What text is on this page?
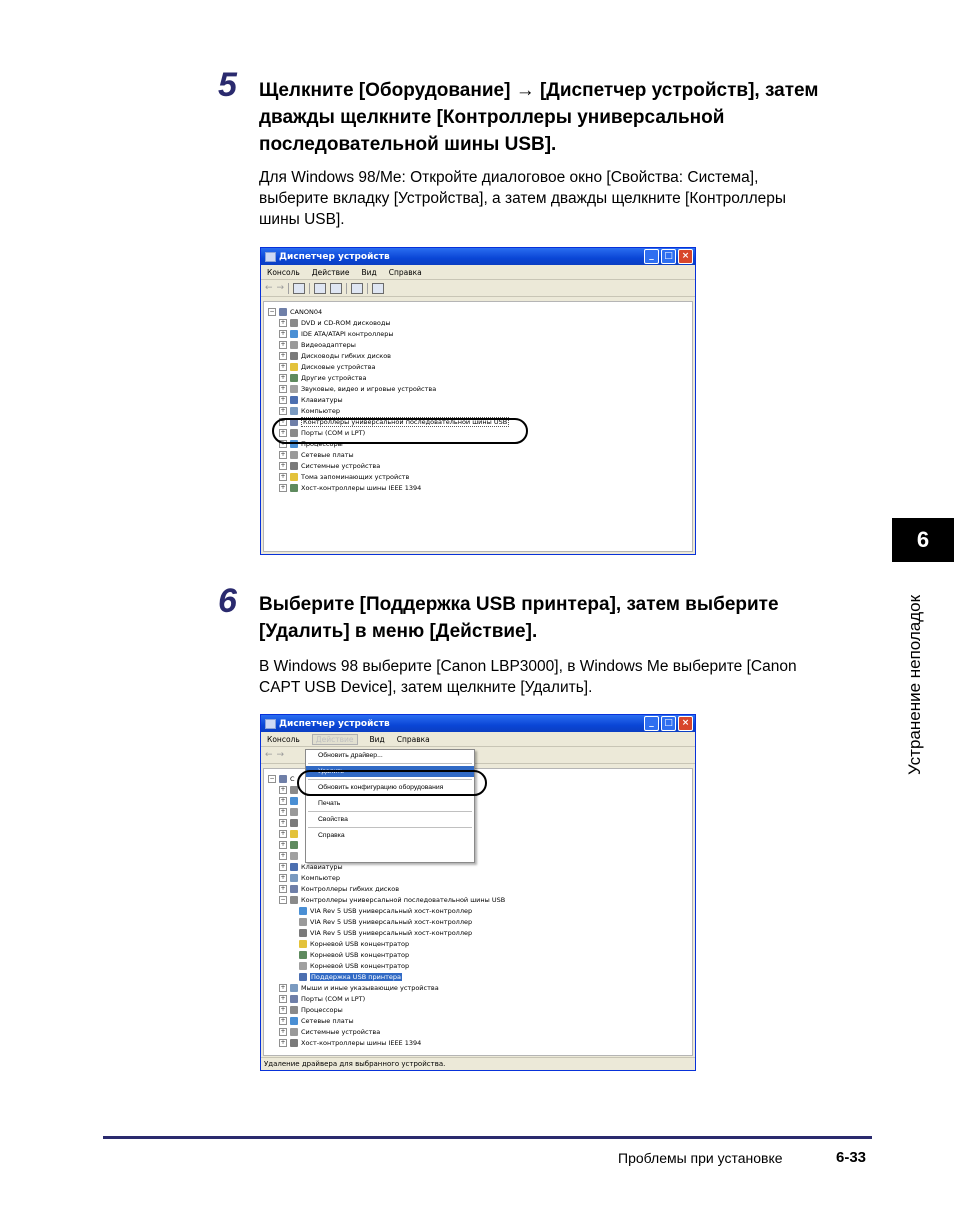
5 Щелкните [Оборудование] → [Диспетчер устройств], затем
дважды щелкните [Контроллеры универсальной
последовательной шины USB].
Для Windows 98/Me: Откройте диалоговое окно [Свойства: Система],
выберите вкладку [Устройства], а затем дважды щелкните [Контроллеры
шины USB].
Диспетчер устройств	_	□ ×
Консоль Действие Вид Справка
← →
− CANON04
+ DVD и CD-ROM дисководы
+ IDE ATA/ATAPI контроллеры
+ Видеоадаптеры
+ Дисководы гибких дисков
+ Дисковые устройства
+ Другие устройства
+ Звуковые, видео и игровые устройства
+ Клавиатуры
+ Компьютер
+	Контроллеры универсальной последовательной шины USB
+ Порты (COM и LPT)
+ Процессоры
+ Сетевые платы
+ Системные устройства
+ Тома запоминающих устройств
+ Хост-контроллеры шины IEEE 1394
6 Выберите [Поддержка USB принтера], затем выберите
[Удалить] в меню [Действие].
В Windows 98 выберите [Canon LBP3000], в Windows Me выберите [Canon
CAPT USB Device], затем щелкните [Удалить].
Диспетчер устройств	_	□ ×
Консоль	Действие	Вид Справка
← →
− C
+
+
+
+
+
+
+
+ Клавиатуры
+ Компьютер
+ Контроллеры гибких дисков
− Контроллеры универсальной последовательной шины USB
VIA Rev 5 USB универсальный хост-контроллер
VIA Rev 5 USB универсальный хост-контроллер
VIA Rev 5 USB универсальный хост-контроллер
Корневой USB концентратор
Корневой USB концентратор
Корневой USB концентратор
Поддержка USB принтера
+ Мыши и иные указывающие устройства
+ Порты (COM и LPT)
+ Процессоры
+ Сетевые платы
+ Системные устройства
+ Хост-контроллеры шины IEEE 1394
Удаление драйвера для выбранного устройства.
Обновить драйвер...
Удалить
Обновить конфигурацию оборудования
Печать
Свойства
Справка
6
Устранение неполадок
Проблемы при установке	6-33
